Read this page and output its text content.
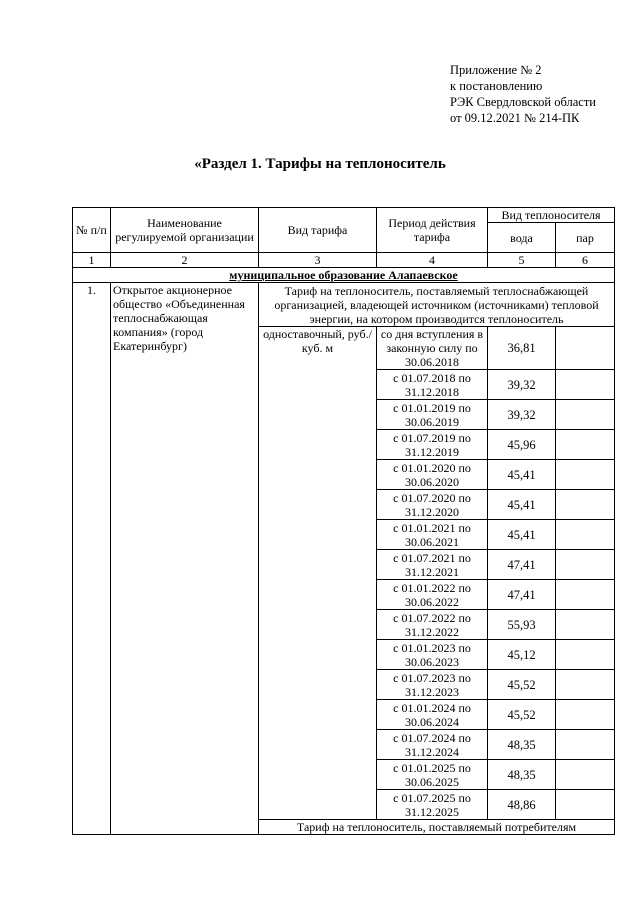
Приложение № 2
к постановлению
РЭК Свердловской области
от 09.12.2021 № 214-ПК
«Раздел 1. Тарифы на теплоноситель
№ п/п	Наименование регулируемой организации	Вид тарифа	Период действия тарифа	Вид теплоносителя	
				вода	пар
1	2	3	4	5	6
муниципальное образование Алапаевское					
1.	Открытое акционерное общество «Объединенная теплоснабжающая компания» (город Екатеринбург)	Тариф на теплоноситель, поставляемый теплоснабжающей организацией, владеющей источником (источниками) тепловой энергии, на котором производится теплоноситель			
		одноставочный, руб./куб. м	со дня вступления в законную силу по 30.06.2018	36,81	
			с 01.07.2018 по 31.12.2018	39,32	
			с 01.01.2019 по 30.06.2019	39,32	
			с 01.07.2019 по 31.12.2019	45,96	
			с 01.01.2020 по 30.06.2020	45,41	
			с 01.07.2020 по 31.12.2020	45,41	
			с 01.01.2021 по 30.06.2021	45,41	
			с 01.07.2021 по 31.12.2021	47,41	
			с 01.01.2022 по 30.06.2022	47,41	
			с 01.07.2022 по 31.12.2022	55,93	
			с 01.01.2023 по 30.06.2023	45,12	
			с 01.07.2023 по 31.12.2023	45,52	
			с 01.01.2024 по 30.06.2024	45,52	
			с 01.07.2024 по 31.12.2024	48,35	
			с 01.01.2025 по 30.06.2025	48,35	
			с 01.07.2025 по 31.12.2025	48,86	
		Тариф на теплоноситель, поставляемый потребителям			
